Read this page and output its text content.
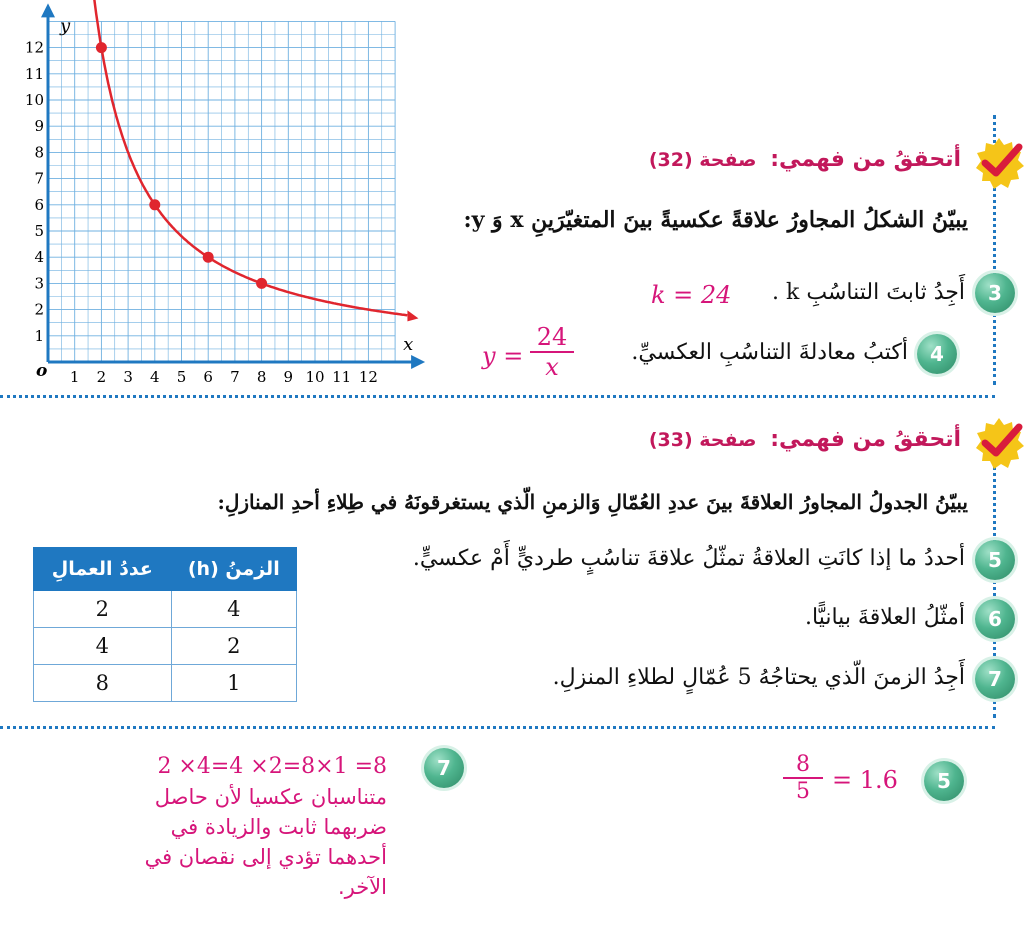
1 2 3 4 5 6 7 8 9 10 11 12
1
2
3
4
5
6
7
8
9
10
11
12
x
y
o
أتحققُ من فهمي: صفحة (32)
يبيّنُ الشكلُ المجاورُ علاقةً عكسيةً بينَ المتغيّرَينِ x وَ y:
3
أَجِدُ ثابتَ التناسُبِ k .
k = 24
4
أكتبُ معادلةَ التناسُبِ العكسيِّ.
$y = \frac{24}{x}$
أتحققُ من فهمي: صفحة (33)
يبيّنُ الجدولُ المجاورُ العلاقةَ بينَ عددِ العُمّالِ وَالزمنِ الّذي يستغرقونَهُ في طِلاءِ أحدِ المنازلِ:
الزمنُ (h)	عددُ العمالِ
4	2
2	4
1	8
5
أحددُ ما إذا كانَتِ العلاقةُ تمثّلُ علاقةَ تناسُبٍ طرديٍّ أَمْ عكسيٍّ.
6
أمثّلُ العلاقةَ بيانيًّا.
7
أَجِدُ الزمنَ الّذي يحتاجُهُ 5 عُمّالٍ لطلاءِ المنزلِ.
7
2 ×4=4 ×2=8×1 =8
متناسبان عكسيا لأن حاصل
ضربهما ثابت والزيادة في
أحدهما تؤدي إلى نقصان في
الآخر.
5
$\frac{8}{5} = 1.6$
